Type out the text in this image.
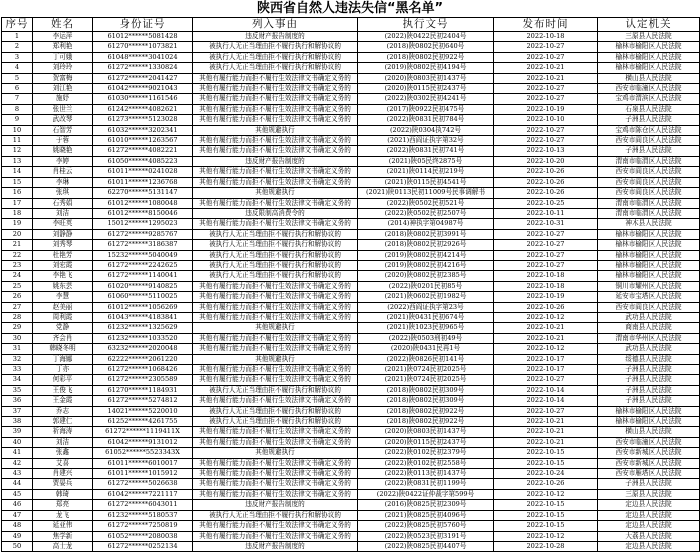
陕西省自然人违法失信“黑名单”
序号	姓名	身份证号	列入事由	执行文号	发布时间	认定机关
1	李运萍	61012******5081428	违反财产报告制度的	(2022)陕0422民初2404号	2022-10-18	三原县人民法院
2	郑利艳	61270******1073821	被执行人无正当理由拒不履行执行和解协议的	(2018)陕0802民初640号	2022-10-27	榆林市榆阳区人民法院
3	丁可娥	61048******3041024	被执行人无正当理由拒不履行执行和解协议的	(2018)陕0802民初922号	2022-10-27	榆林市榆阳区人民法院
4	刘玲玲	61272******1330824	被执行人无正当理由拒不履行执行和解协议的	(2019)陕0802民初4194号	2022-10-21	榆林市榆阳区人民法院
5	贺富梅	61272******2041427	其他有履行能力而拒不履行生效法律文书确定义务的	(2020)陕0803民初1437号	2022-10-21	横山县人民法院
6	刘江艳	61042******9021043	其他有履行能力而拒不履行生效法律文书确定义务的	(2020)陕0115民初2437号	2022-10-27	西安市临潼区人民法院
7	施妤	61030******1161546	其他有履行能力而拒不履行生效法律文书确定义务的	(2022)陕0302民初4241号	2022-10-27	宝鸡市渭滨区人民法院
8	张世兰	61242******4082621	其他有履行能力而拒不履行生效法律文书确定义务的	(2017)陕0922民初475号	2022-10-19	石泉县人民法院
9	武改琴	61273******5123028	其他有履行能力而拒不履行生效法律文书确定义务的	(2022)陕0831民初784号	2022-10-10	子洲县人民法院
10	石智芳	61032******3202341	其他规避执行	(2022)陕0304执742号	2022-10-27	宝鸡市陈仓区人民法院
11	于蓉	61010******1263567	其他有履行能力而拒不履行生效法律文书确定义务的	(2021)西阎证执字第32号	2022-10-27	西安市阎良区人民法院
12	姚晓艳	61272******4082221	其他有履行能力而拒不履行生效法律文书确定义务的	(2022)陕0831民初741号	2022-10-13	子洲县人民法院
13	李婷	61050******4085223	违反财产报告制度的	(2021)陕05民终2875号	2022-10-20	渭南市临渭区人民法院
14	肖桂云	61011******0241028	其他有履行能力而拒不履行生效法律文书确定义务的	(2021)陕0114民初219号	2022-10-26	西安市阎良区人民法院
15	李琳	61011******1236768	其他有履行能力而拒不履行生效法律文书确定义务的	(2021)陕0115民初4541号	2022-10-26	西安市阎良区人民法院
16	张琪	62270******5131147	其他规避执行	(2021)陕0113民初11009号民事调解书	2022-10-26	西安市阎良区人民法院
17	石秀娟	61012******1080048	其他有履行能力而拒不履行生效法律文书确定义务的	(2022)陕0502民初521号	2022-10-25	渭南市临渭区人民法院
18	刘洁	61012******8150046	违反限制高消费令的	(2022)陕0502民初2507号	2022-10-11	渭南市临渭区人民法院
19	李旺英	15012******1295023	其他有履行能力而拒不履行生效法律文书确定义务的	(2014)神执字第04987号	2022-10-31	神木县人民法院
20	刘静静	61272******9285767	被执行人无正当理由拒不履行执行和解协议的	(2018)陕0802民初3991号	2022-10-27	榆林市榆阳区人民法院
21	刘秀琴	61272******3186387	被执行人无正当理由拒不履行执行和解协议的	(2018)陕0802民初2926号	2022-10-27	榆林市榆阳区人民法院
22	杜艳芳	15232******5040049	被执行人无正当理由拒不履行执行和解协议的	(2019)陕0802民初4214号	2022-10-27	榆林市榆阳区人民法院
23	刘宏霞	61272******2242625	被执行人无正当理由拒不履行执行和解协议的	(2019)陕0802民初4216号	2022-10-27	榆林市榆阳区人民法院
24	李艳飞	61272******1140041	被执行人无正当理由拒不履行执行和解协议的	(2020)陕0802民初2385号	2022-10-18	榆林市榆阳区人民法院
25	姚东芸	61020******9140825	其他有履行能力而拒不履行生效法律文书确定义务的	(2022)陕0201民初85号	2022-10-18	铜川市耀州区人民法院
26	李慧	61060******5110025	其他有履行能力而拒不履行生效法律文书确定义务的	(2021)陕0602民初1982号	2022-10-19	延安市宝塔区人民法院
27	赵美丽	61012******1056269	其他有履行能力而拒不履行生效法律文书确定义务的	(2022)西阎证执字第23号	2022-10-26	西安市阎良区人民法院
28	周利霞	61043******4183841	其他有履行能力而拒不履行生效法律文书确定义务的	(2021)陕0431民初674号	2022-10-12	武功县人民法院
29	党静	61232******1325629	其他规避执行	(2021)陕1023民初965号	2022-10-21	商南县人民法院
30	齐会肖	61232******1033520	其他有履行能力而拒不履行生效法律文书确定义务的	(2022)陕0503刑初49号	2022-10-21	渭南市华州区人民法院
31	韩晓冬明	63232******2020048	其他有履行能力而拒不履行生效法律文书确定义务的	(2020)陕0431民再1号	2022-10-12	武功县人民法院
32	丁海娜	62222******2061220	其他规避执行	(2022)陕0826民初141号	2022-10-17	绥德县人民法院
33	丁亦	61272******1068426	其他有履行能力而拒不履行生效法律文书确定义务的	(2021)陕0724民初2025号	2022-10-17	子洲县人民法院
34	何彩平	61272******2305589	其他有履行能力而拒不履行生效法律文书确定义务的	(2021)陕0724民初2025号	2022-10-27	子洲县人民法院
35	王俊飞	61270******1184931	被执行人无正当理由拒不履行执行和解协议的	(2018)陕0802民初309号	2022-10-14	子洲县人民法院
36	王金霞	61272******5274812	其他有履行能力而拒不履行生效法律文书确定义务的	(2018)陕0802民初309号	2022-10-14	子洲县人民法院
37	乔志	14021******5220010	被执行人无正当理由拒不履行执行和解协议的	(2018)陕0802民初922号	2022-10-27	榆林市榆阳区人民法院
38	郭建仁	61252******4261755	被执行人无正当理由拒不履行执行和解协议的	(2018)陕0802民初922号	2022-10-21	榆林市榆阳区人民法院
39	祈海涛	61272******1119411X	其他有履行能力而拒不履行生效法律文书确定义务的	(2020)陕0803民初1437号	2022-10-21	横山县人民法院
40	刘洁	61042******9131012	其他有履行能力而拒不履行生效法律文书确定义务的	(2020)陕0115民初2437号	2022-10-21	西安市临潼区人民法院
41	张鑫	61052******5523343X	其他规避执行	(2022)陕0102民初2379号	2022-10-15	西安市新城区人民法院
42	艾喜	61011******6010017	其他有履行能力而拒不履行生效法律文书确定义务的	(2022)陕0102民初2558号	2022-10-15	西安市新城区人民法院
43	肖建兴	61011******1015912	其他有履行能力而拒不履行生效法律文书确定义务的	(2022)陕0113民初1437号	2022-10-24	西安市雁塔区人民法院
44	贾晏兵	61272******5026638	其他有履行能力而拒不履行生效法律文书确定义务的	(2022)陕0831民初1199号	2022-10-26	子洲县人民法院
45	韩琦	61042******7221117	其他有履行能力而拒不履行生效法律文书确定义务的	(2022)陕0422证仲裁字第599号	2022-10-12	三原县人民法院
46	郑亮	61272******6043011	违反财产报告制度的	(2016)陕0825民初2309号	2022-10-15	定边县人民法院
47	龙飞	61232******5180537	被执行人无正当理由拒不履行执行和解协议的	(2021)陕0825民初4096号	2022-10-15	定边县人民法院
48	延亚伟	61272******7250819	其他有履行能力而拒不履行生效法律文书确定义务的	(2022)陕0825民初5760号	2022-10-15	定边县人民法院
49	焦学新	61052******2080038	其他有履行能力而拒不履行生效法律文书确定义务的	(2022)陕0523民初3191号	2022-10-12	大荔县人民法院
50	高士龙	61272******0252134	违反财产报告制度的	(2022)陕0825民初4407号	2022-10-28	定边县人民法院
